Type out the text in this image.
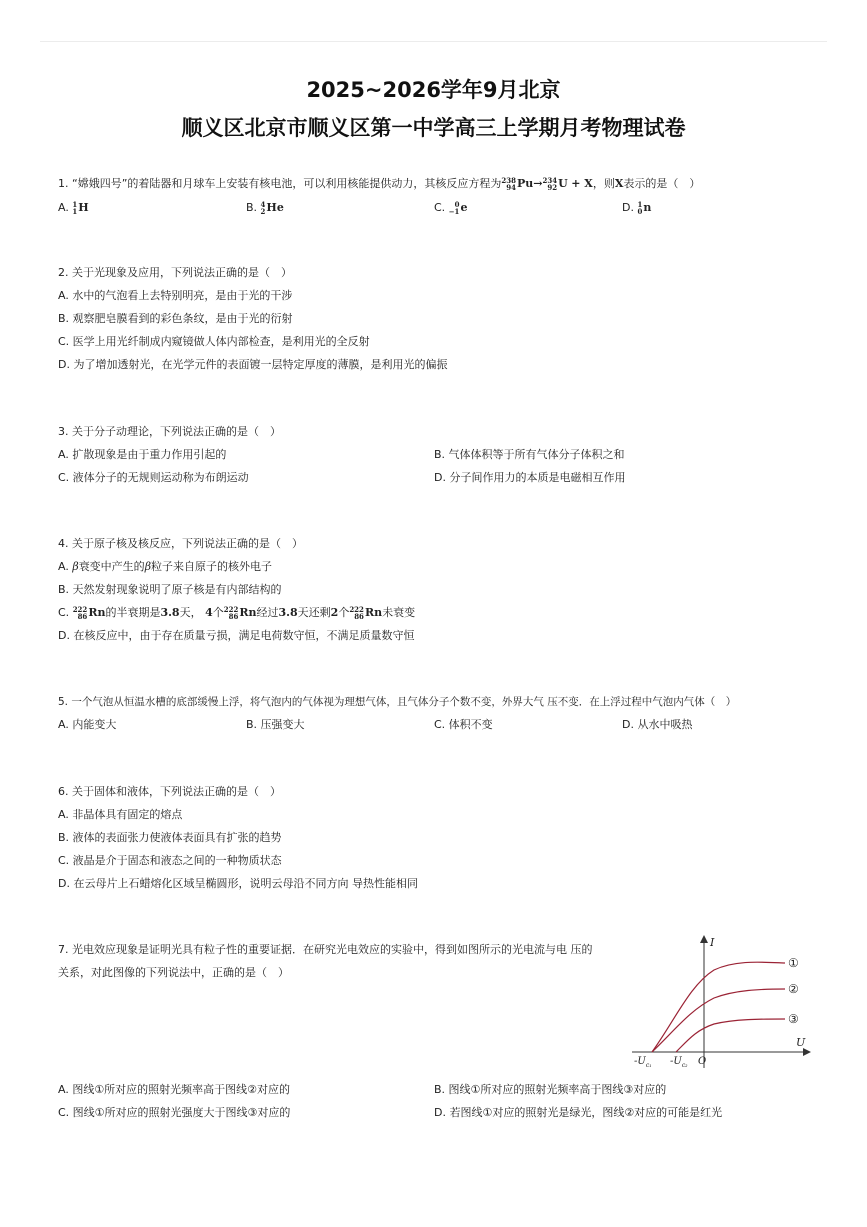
2025~2026学年9月北京
顺义区北京市顺义区第一中学高三上学期月考物理试卷
1. “嫦娥四号”的着陆器和月球车上安装有核电池，可以利用核能提供动力，其核反应方程为 238
94 Pu→ 234
92 U + X，则X表示的是（　）
A. 1
1 H	B. 4
2 He	C.	0
−1 e	D. 1
0 n
2. 关于光现象及应用，下列说法正确的是（　）
A. 水中的气泡看上去特别明亮，是由于光的干涉
B. 观察肥皂膜看到的彩色条纹，是由于光的衍射
C. 医学上用光纤制成内窥镜做人体内部检查，是利用光的全反射
D. 为了增加透射光，在光学元件的表面镀一层特定厚度的薄膜，是利用光的偏振
3. 关于分子动理论，下列说法正确的是（　）
A. 扩散现象是由于重力作用引起的	B. 气体体积等于所有气体分子体积之和
C. 液体分子的无规则运动称为布朗运动	D. 分子间作用力的本质是电磁相互作用
4. 关于原子核及核反应，下列说法正确的是（　）
A. β衰变中产生的β粒子来自原子的核外电子
B. 天然发射现象说明了原子核是有内部结构的
C. 222
86 Rn的半衰期是3.8天， 4个 222
86 Rn经过3.8天还剩2个 222
86 Rn未衰变
D. 在核反应中，由于存在质量亏损，满足电荷数守恒，不满足质量数守恒
5. 一个气泡从恒温水槽的底部缓慢上浮，将气泡内的气体视为理想气体，且气体分子个数不变，外界大气 压不变．在上浮过程中气泡内气体（　）
A. 内能变大	B. 压强变大	C. 体积不变	D. 从水中吸热
6. 关于固体和液体，下列说法正确的是（　）
A. 非晶体具有固定的熔点
B. 液体的表面张力使液体表面具有扩张的趋势
C. 液晶是介于固态和液态之间的一种物质状态
D. 在云母片上石蜡熔化区域呈椭圆形，说明云母沿不同方向 导热性能相同
7. 光电效应现象是证明光具有粒子性的重要证据．在研究光电效应的实验中，得到如图所示的光电流与电 压的
关系，对此图像的下列说法中，正确的是（　）
I
U
O
$-U_{c_1}$ $-U_{c_2}$
①
②
③
A. 图线①所对应的照射光频率高于图线②对应的	B. 图线①所对应的照射光频率高于图线③对应的
C. 图线①所对应的照射光强度大于图线③对应的	D. 若图线①对应的照射光是绿光，图线②对应的可能是红光
